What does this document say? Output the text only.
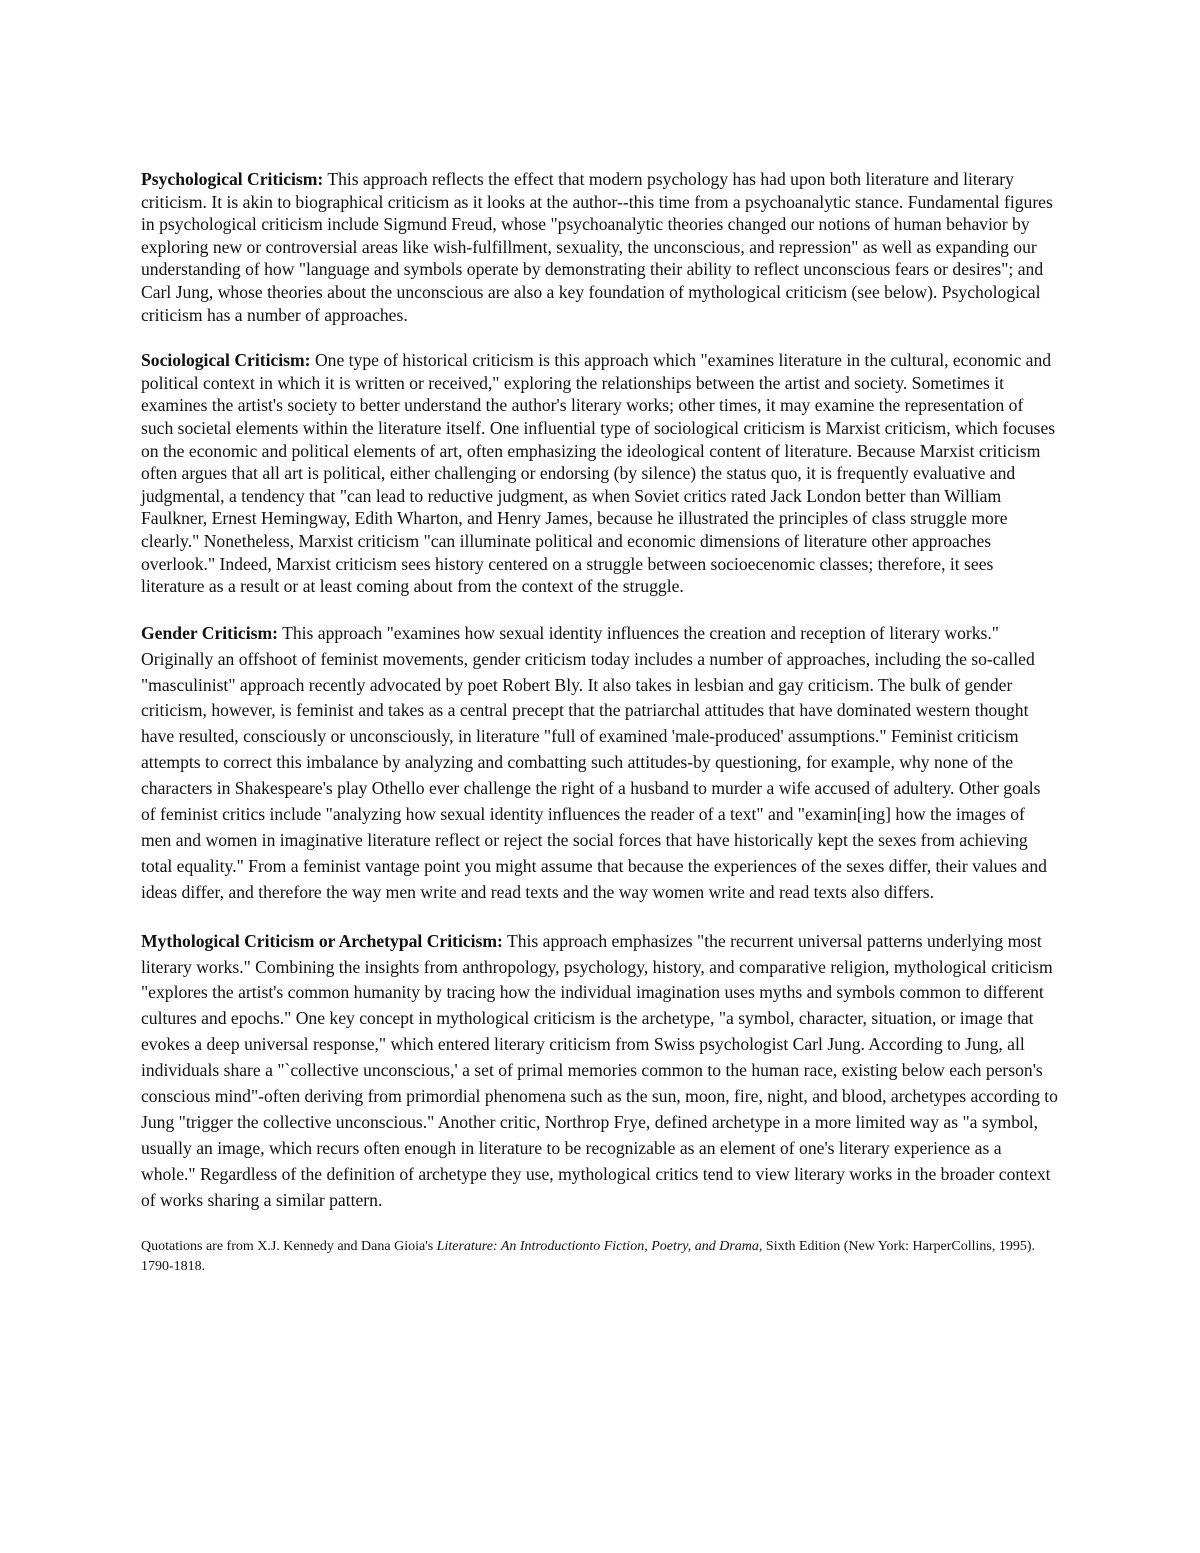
Psychological Criticism: This approach reflects the effect that modern psychology has had upon both literature and literary criticism. It is akin to biographical criticism as it looks at the author--this time from a psychoanalytic stance. Fundamental figures in psychological criticism include Sigmund Freud, whose "psychoanalytic theories changed our notions of human behavior by exploring new or controversial areas like wish-fulfillment, sexuality, the unconscious, and repression" as well as expanding our understanding of how "language and symbols operate by demonstrating their ability to reflect unconscious fears or desires"; and Carl Jung, whose theories about the unconscious are also a key foundation of mythological criticism (see below). Psychological criticism has a number of approaches.

Sociological Criticism: One type of historical criticism is this approach which "examines literature in the cultural, economic and political context in which it is written or received," exploring the relationships between the artist and society. Sometimes it examines the artist's society to better understand the author's literary works; other times, it may examine the representation of such societal elements within the literature itself. One influential type of sociological criticism is Marxist criticism, which focuses on the economic and political elements of art, often emphasizing the ideological content of literature. Because Marxist criticism often argues that all art is political, either challenging or endorsing (by silence) the status quo, it is frequently evaluative and judgmental, a tendency that "can lead to reductive judgment, as when Soviet critics rated Jack London better than William Faulkner, Ernest Hemingway, Edith Wharton, and Henry James, because he illustrated the principles of class struggle more clearly." Nonetheless, Marxist criticism "can illuminate political and economic dimensions of literature other approaches overlook." Indeed, Marxist criticism sees history centered on a struggle between socioecenomic classes; therefore, it sees literature as a result or at least coming about from the context of the struggle.

Gender Criticism: This approach "examines how sexual identity influences the creation and reception of literary works." Originally an offshoot of feminist movements, gender criticism today includes a number of approaches, including the so-called "masculinist" approach recently advocated by poet Robert Bly. It also takes in lesbian and gay criticism. The bulk of gender criticism, however, is feminist and takes as a central precept that the patriarchal attitudes that have dominated western thought have resulted, consciously or unconsciously, in literature "full of examined 'male-produced' assumptions." Feminist criticism attempts to correct this imbalance by analyzing and combatting such attitudes-by questioning, for example, why none of the characters in Shakespeare's play Othello ever challenge the right of a husband to murder a wife accused of adultery. Other goals of feminist critics include "analyzing how sexual identity influences the reader of a text" and "examin[ing] how the images of men and women in imaginative literature reflect or reject the social forces that have historically kept the sexes from achieving total equality." From a feminist vantage point you might assume that because the experiences of the sexes differ, their values and ideas differ, and therefore the way men write and read texts and the way women write and read texts also differs.

Mythological Criticism or Archetypal Criticism: This approach emphasizes "the recurrent universal patterns underlying most literary works." Combining the insights from anthropology, psychology, history, and comparative religion, mythological criticism "explores the artist's common humanity by tracing how the individual imagination uses myths and symbols common to different cultures and epochs." One key concept in mythological criticism is the archetype, "a symbol, character, situation, or image that evokes a deep universal response," which entered literary criticism from Swiss psychologist Carl Jung. According to Jung, all individuals share a "`collective unconscious,' a set of primal memories common to the human race, existing below each person's conscious mind"-often deriving from primordial phenomena such as the sun, moon, fire, night, and blood, archetypes according to Jung "trigger the collective unconscious." Another critic, Northrop Frye, defined archetype in a more limited way as "a symbol, usually an image, which recurs often enough in literature to be recognizable as an element of one's literary experience as a whole." Regardless of the definition of archetype they use, mythological critics tend to view literary works in the broader context of works sharing a similar pattern.

Quotations are from X.J. Kennedy and Dana Gioia's Literature: An Introductionto Fiction, Poetry, and Drama, Sixth Edition (New York: HarperCollins, 1995). 1790-1818.
